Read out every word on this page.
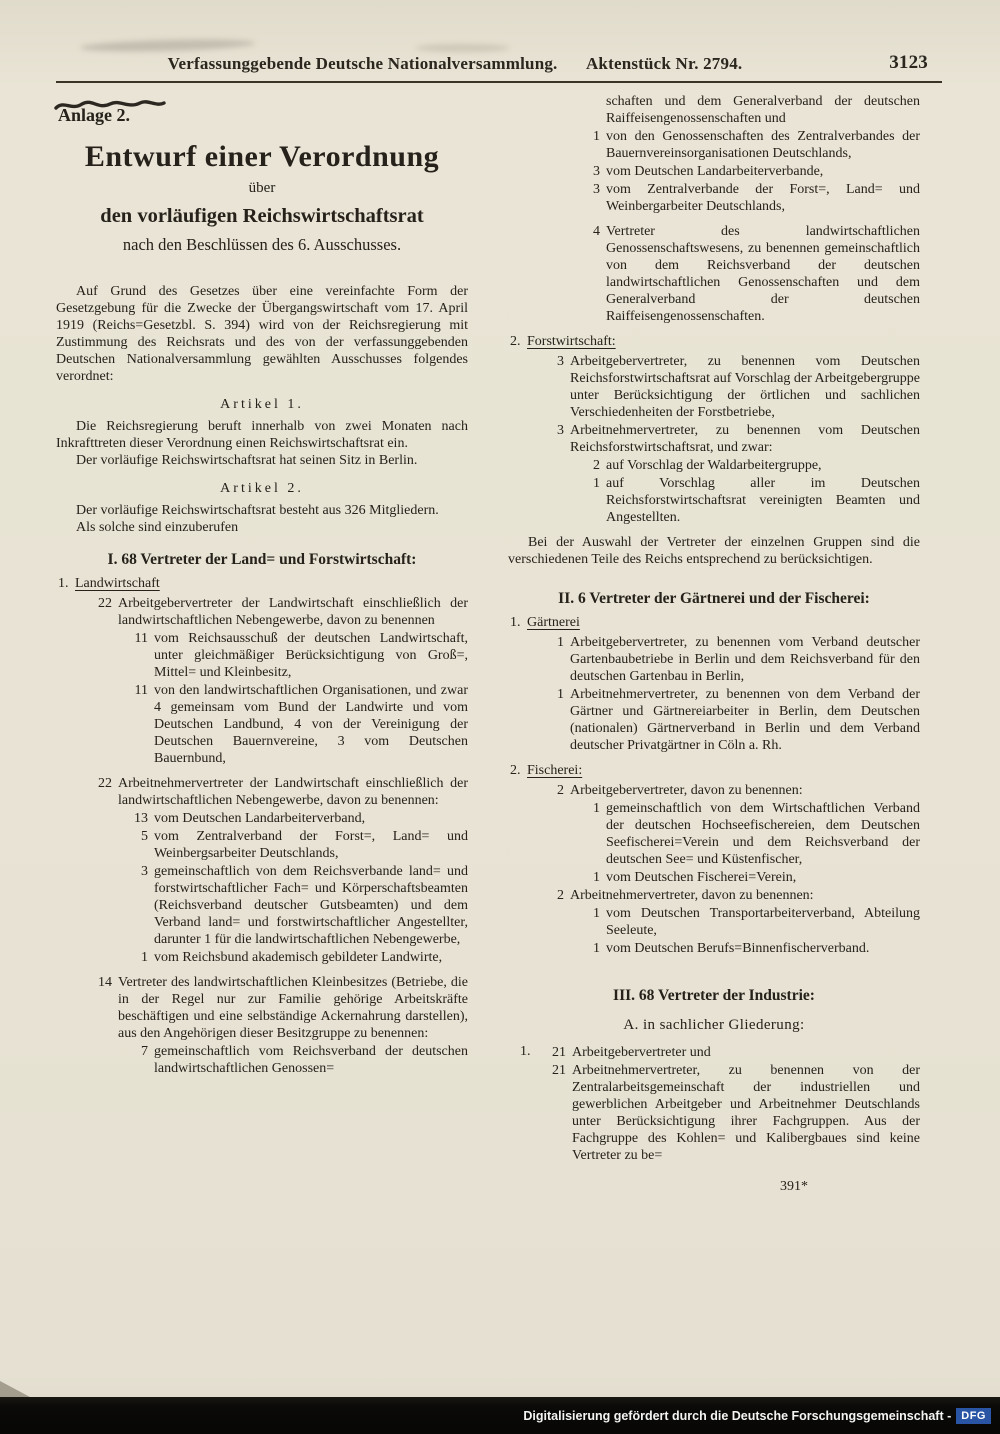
Verfassunggebende Deutsche Nationalversammlung. Aktenstück Nr. 2794.	3123
Anlage 2.
Entwurf einer Verordnung
über
den vorläufigen Reichswirtschaftsrat
nach den Beschlüssen des 6. Ausschusses.

Auf Grund des Gesetzes über eine vereinfachte Form der Gesetzgebung für die Zwecke der Übergangswirtschaft vom 17. April 1919 (Reichs=Gesetzbl. S. 394) wird von der Reichsregierung mit Zustimmung des Reichsrats und des von der verfassunggebenden Deutschen Nationalversammlung gewählten Ausschusses folgendes verordnet:

Artikel 1.

Die Reichsregierung beruft innerhalb von zwei Monaten nach Inkrafttreten dieser Verordnung einen Reichswirtschaftsrat ein.

Der vorläufige Reichswirtschaftsrat hat seinen Sitz in Berlin.

Artikel 2.

Der vorläufige Reichswirtschaftsrat besteht aus 326 Mitgliedern.

Als solche sind einzuberufen

I. 68 Vertreter der Land= und Forstwirtschaft:
1. Landwirtschaft
22 Arbeitgebervertreter der Landwirtschaft einschließlich der landwirtschaftlichen Nebengewerbe, davon zu benennen
11 vom Reichsausschuß der deutschen Landwirtschaft, unter gleichmäßiger Berücksichtigung von Groß=, Mittel= und Kleinbesitz,
11 von den landwirtschaftlichen Organisationen, und zwar 4 gemeinsam vom Bund der Landwirte und vom Deutschen Landbund, 4 von der Vereinigung der Deutschen Bauernvereine, 3 vom Deutschen Bauernbund,
22 Arbeitnehmervertreter der Landwirtschaft einschließlich der landwirtschaftlichen Nebengewerbe, davon zu benennen:
13 vom Deutschen Landarbeiterverband,
5 vom Zentralverband der Forst=, Land= und Weinbergsarbeiter Deutschlands,
3 gemeinschaftlich von dem Reichsverbande land= und forstwirtschaftlicher Fach= und Körperschaftsbeamten (Reichsverband deutscher Gutsbeamten) und dem Verband land= und forstwirtschaftlicher Angestellter, darunter 1 für die landwirtschaftlichen Nebengewerbe,
1 vom Reichsbund akademisch gebildeter Landwirte,
14 Vertreter des landwirtschaftlichen Kleinbesitzes (Betriebe, die in der Regel nur zur Familie gehörige Arbeitskräfte beschäftigen und eine selbständige Ackernahrung darstellen), aus den Angehörigen dieser Besitzgruppe zu benennen:
7 gemeinschaftlich vom Reichsverband der deutschen landwirtschaftlichen Genossen=
schaften und dem Generalverband der deutschen Raiffeisengenossenschaften und
1 von den Genossenschaften des Zentralverbandes der Bauernvereinsorganisationen Deutschlands,
3 vom Deutschen Landarbeiterverbande,
3 vom Zentralverbande der Forst=, Land= und Weinbergarbeiter Deutschlands,
4 Vertreter des landwirtschaftlichen Genossenschaftswesens, zu benennen gemeinschaftlich von dem Reichsverband der deutschen landwirtschaftlichen Genossenschaften und dem Generalverband der deutschen Raiffeisengenossenschaften.
2. Forstwirtschaft:
3 Arbeitgebervertreter, zu benennen vom Deutschen Reichsforstwirtschaftsrat auf Vorschlag der Arbeitgebergruppe unter Berücksichtigung der örtlichen und sachlichen Verschiedenheiten der Forstbetriebe,
3 Arbeitnehmervertreter, zu benennen vom Deutschen Reichsforstwirtschaftsrat, und zwar:
2 auf Vorschlag der Waldarbeitergruppe,
1 auf Vorschlag aller im Deutschen Reichsforstwirtschaftsrat vereinigten Beamten und Angestellten.

Bei der Auswahl der Vertreter der einzelnen Gruppen sind die verschiedenen Teile des Reichs entsprechend zu berücksichtigen.

II. 6 Vertreter der Gärtnerei und der Fischerei:
1. Gärtnerei
1 Arbeitgebervertreter, zu benennen vom Verband deutscher Gartenbaubetriebe in Berlin und dem Reichsverband für den deutschen Gartenbau in Berlin,
1 Arbeitnehmervertreter, zu benennen von dem Verband der Gärtner und Gärtnereiarbeiter in Berlin, dem Deutschen (nationalen) Gärtnerverband in Berlin und dem Verband deutscher Privatgärtner in Cöln a. Rh.
2. Fischerei:
2 Arbeitgebervertreter, davon zu benennen:
1 gemeinschaftlich von dem Wirtschaftlichen Verband der deutschen Hochseefischereien, dem Deutschen Seefischerei=Verein und dem Reichsverband der deutschen See= und Küstenfischer,
1 vom Deutschen Fischerei=Verein,
2 Arbeitnehmervertreter, davon zu benennen:
1 vom Deutschen Transportarbeiterverband, Abteilung Seeleute,
1 vom Deutschen Berufs=Binnenfischerverband.
III. 68 Vertreter der Industrie:
A. in sachlicher Gliederung:
1.	21 Arbeitgebervertreter und
21 Arbeitnehmervertreter, zu benennen von der Zentralarbeitsgemeinschaft der industriellen und gewerblichen Arbeitgeber und Arbeitnehmer Deutschlands unter Berücksichtigung ihrer Fachgruppen. Aus der Fachgruppe des Kohlen= und Kalibergbaues sind keine Vertreter zu be=
391*
Digitalisierung gefördert durch die Deutsche Forschungsgemeinschaft - DFG
